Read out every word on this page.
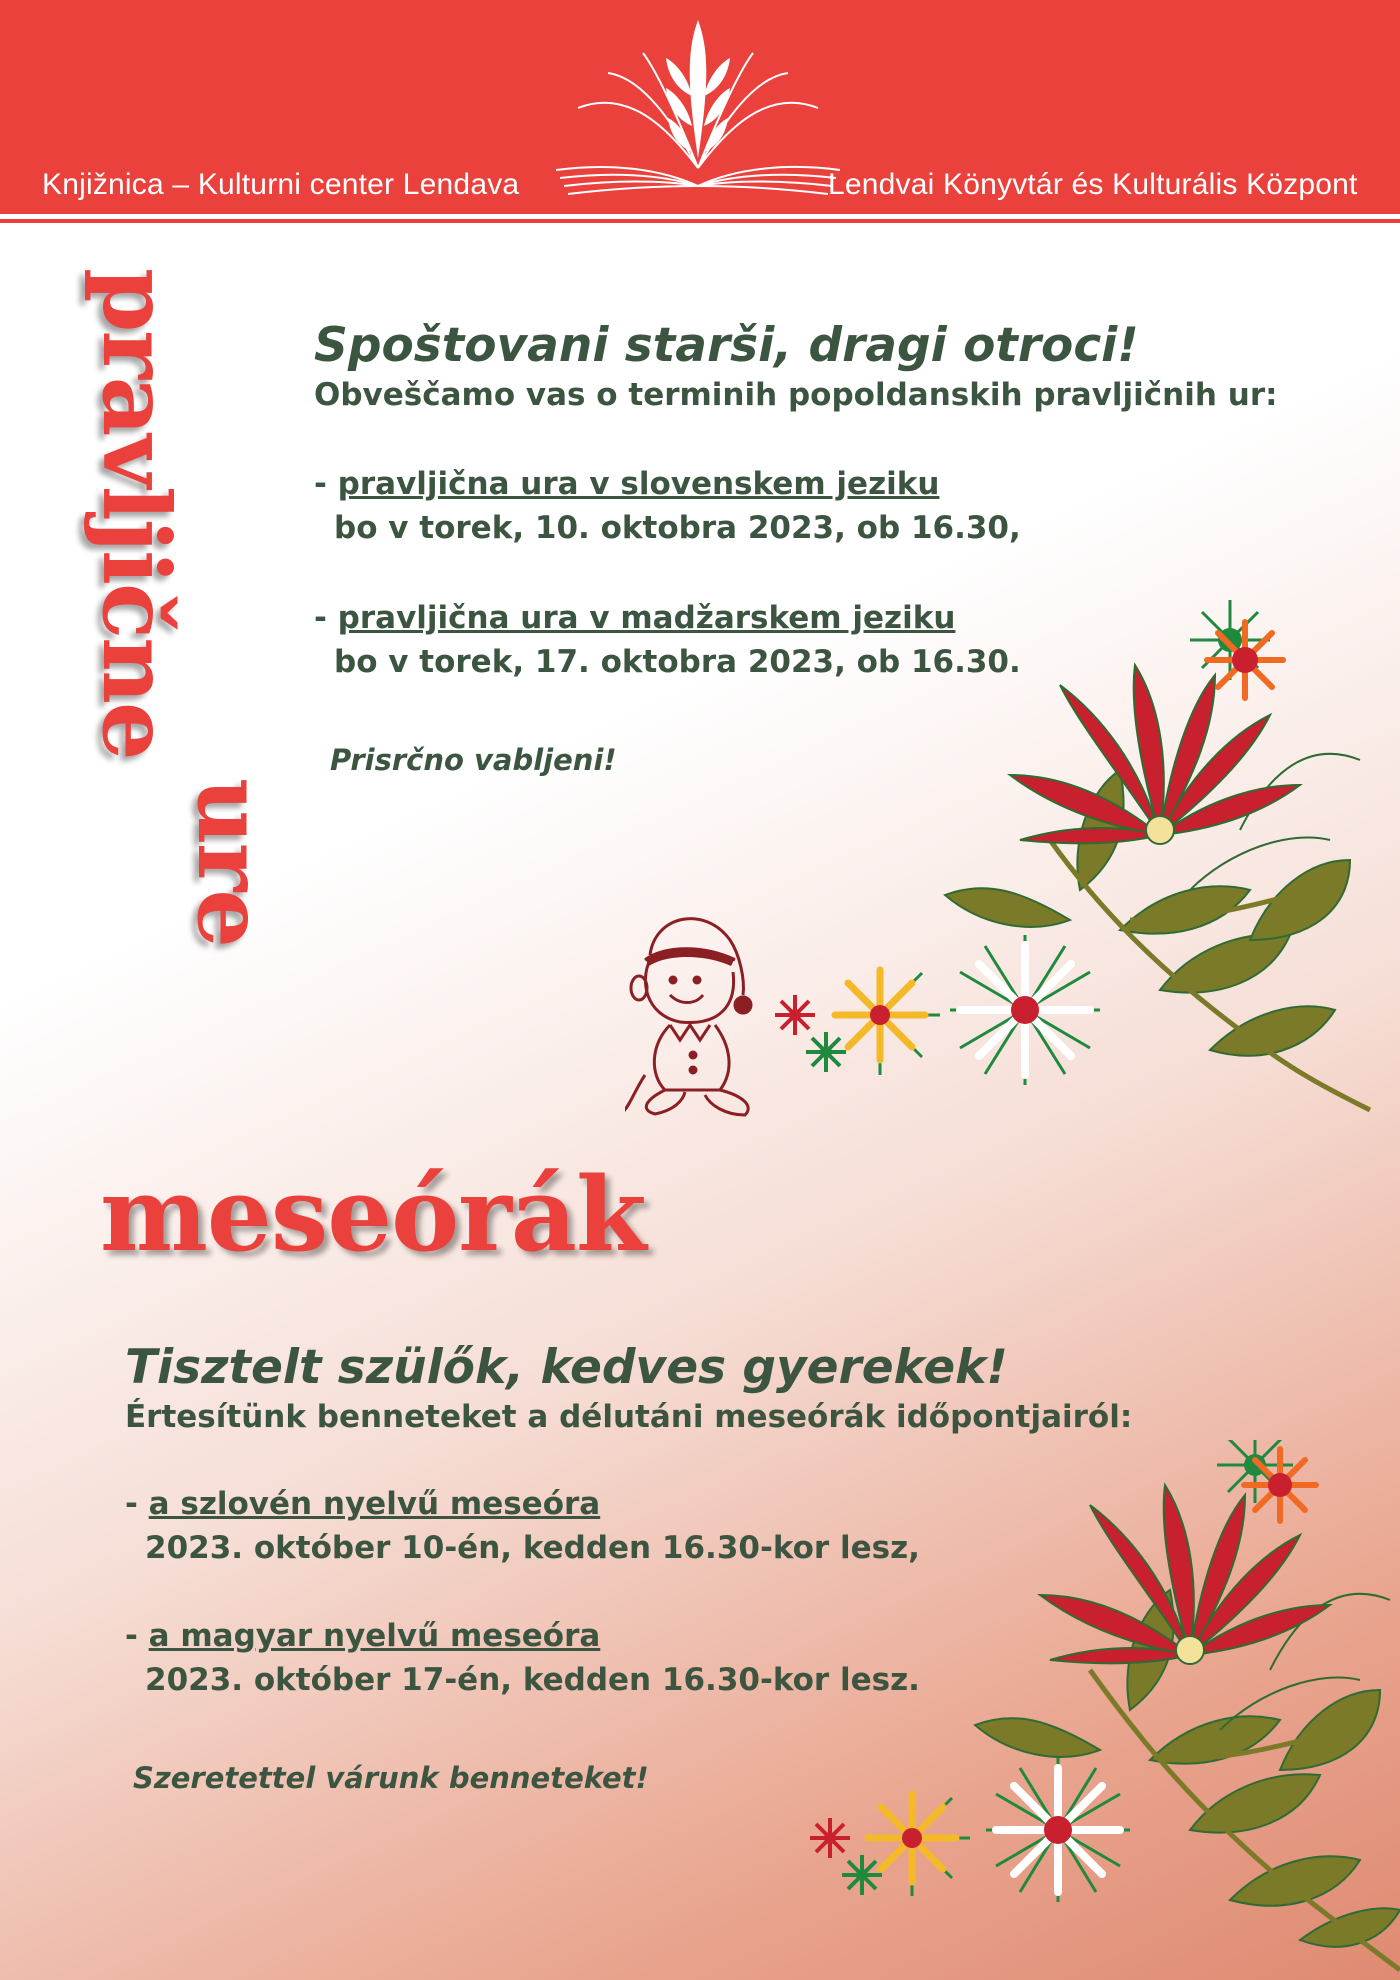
Knjižnica – Kulturni center Lendava	Lendvai Könyvtár és Kulturális Központ
pravljične
ure
Spoštovani starši, dragi otroci!
Obveščamo vas o terminih popoldanskih pravljičnih ur:
- pravljična ura v slovenskem jeziku
bo v torek, 10. oktobra 2023, ob 16.30,
- pravljična ura v madžarskem jeziku
bo v torek, 17. oktobra 2023, ob 16.30.
Prisrčno vabljeni!
meseórák
Tisztelt szülők, kedves gyerekek!
Értesítünk benneteket a délutáni meseórák időpontjairól:
- a szlovén nyelvű meseóra
2023. október 10-én, kedden 16.30-kor lesz,
- a magyar nyelvű meseóra
2023. október 17-én, kedden 16.30-kor lesz.
Szeretettel várunk benneteket!
